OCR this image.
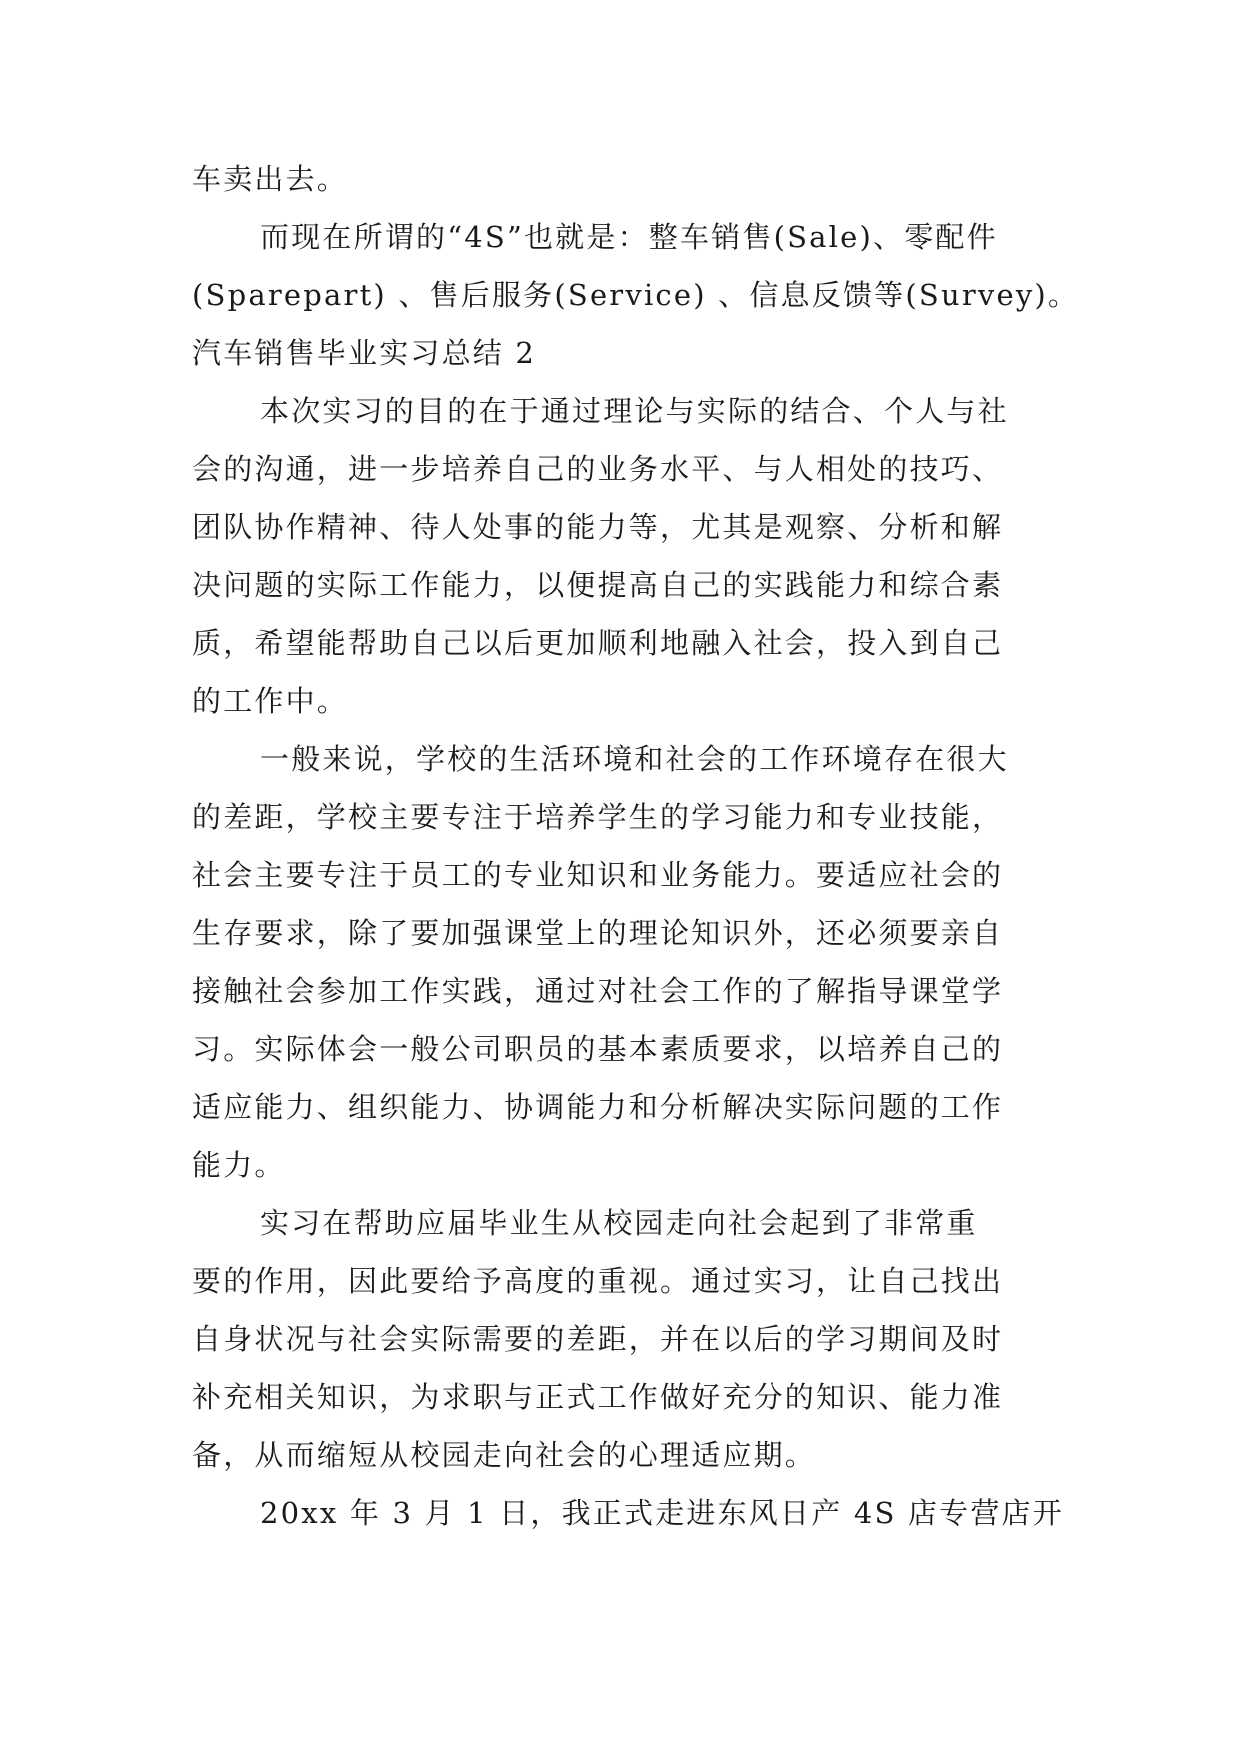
车卖出去。
而现在所谓的“4S”也就是：整车销售(Sale)、零配件
(Sparepart) 、售后服务(Service) 、信息反馈等(Survey)。
汽车销售毕业实习总结 2
本次实习的目的在于通过理论与实际的结合、个人与社
会的沟通，进一步培养自己的业务水平、与人相处的技巧、
团队协作精神、待人处事的能力等，尤其是观察、分析和解
决问题的实际工作能力，以便提高自己的实践能力和综合素
质，希望能帮助自己以后更加顺利地融入社会，投入到自己
的工作中。
一般来说，学校的生活环境和社会的工作环境存在很大
的差距，学校主要专注于培养学生的学习能力和专业技能，
社会主要专注于员工的专业知识和业务能力。要适应社会的
生存要求，除了要加强课堂上的理论知识外，还必须要亲自
接触社会参加工作实践，通过对社会工作的了解指导课堂学
习。实际体会一般公司职员的基本素质要求，以培养自己的
适应能力、组织能力、协调能力和分析解决实际问题的工作
能力。
实习在帮助应届毕业生从校园走向社会起到了非常重
要的作用，因此要给予高度的重视。通过实习，让自己找出
自身状况与社会实际需要的差距，并在以后的学习期间及时
补充相关知识，为求职与正式工作做好充分的知识、能力准
备，从而缩短从校园走向社会的心理适应期。
20xx 年 3 月 1 日，我正式走进东风日产 4S 店专营店开
